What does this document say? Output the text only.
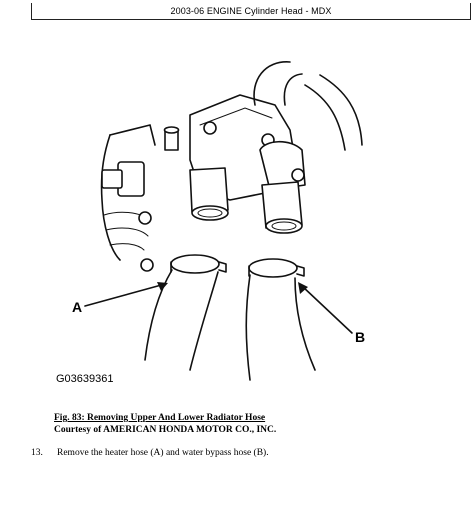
2003-06 ENGINE Cylinder Head - MDX
A
B
G03639361
Fig. 83: Removing Upper And Lower Radiator Hose
Courtesy of AMERICAN HONDA MOTOR CO., INC.
13. Remove the heater hose (A) and water bypass hose (B).
